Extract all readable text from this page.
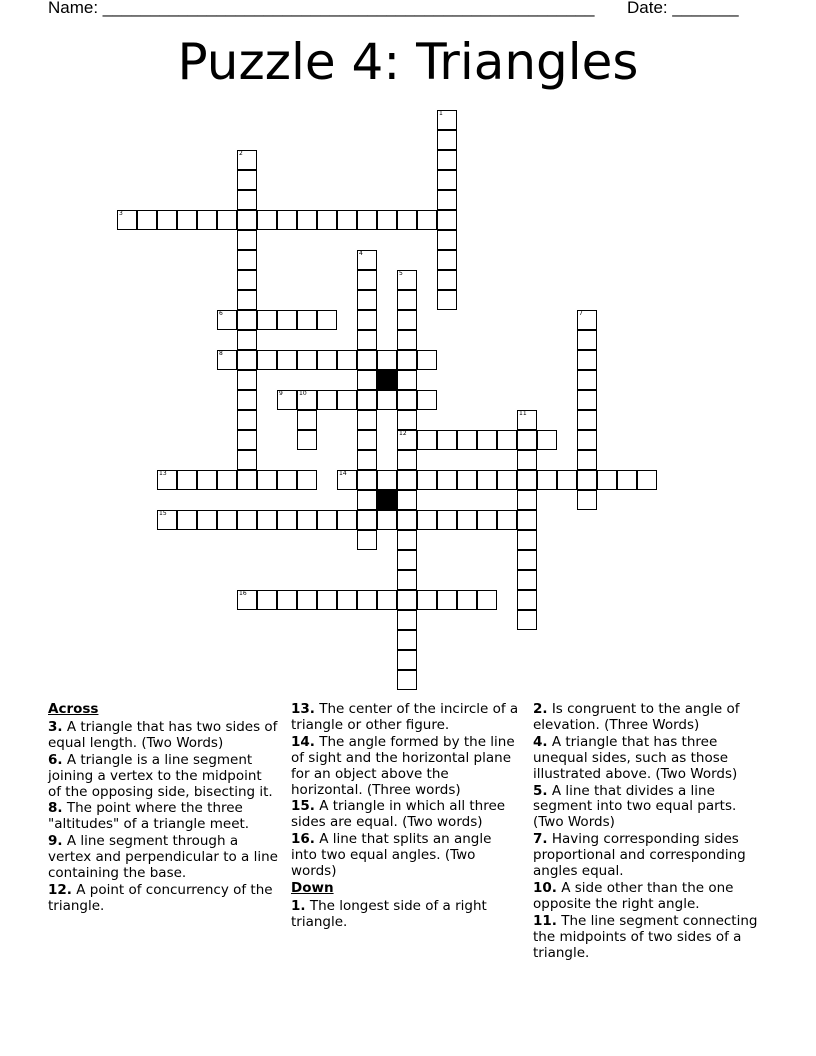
Name: ____________________________________________________ Date: _______
Puzzle 4: Triangles
1
2
3
4
5
12
6	7
8
9	10
11
13	14
15
16
Across
3. A triangle that has two sides of equal length. (Two Words)
6. A triangle is a line segment joining a vertex to the midpoint of the opposing side, bisecting it.
8. The point where the three "altitudes" of a triangle meet.
9. A line segment through a vertex and perpendicular to a line containing the base.
12. A point of concurrency of the triangle.
13. The center of the incircle of a triangle or other figure.
14. The angle formed by the line of sight and the horizontal plane for an object above the horizontal. (Three words)
15. A triangle in which all three sides are equal. (Two words)
16. A line that splits an angle into two equal angles. (Two words)
Down
1. The longest side of a right triangle.
2. Is congruent to the angle of elevation. (Three Words)
4. A triangle that has three unequal sides, such as those illustrated above. (Two Words)
5. A line that divides a line segment into two equal parts. (Two Words)
7. Having corresponding sides proportional and corresponding angles equal.
10. A side other than the one opposite the right angle.
11. The line segment connecting the midpoints of two sides of a triangle.
